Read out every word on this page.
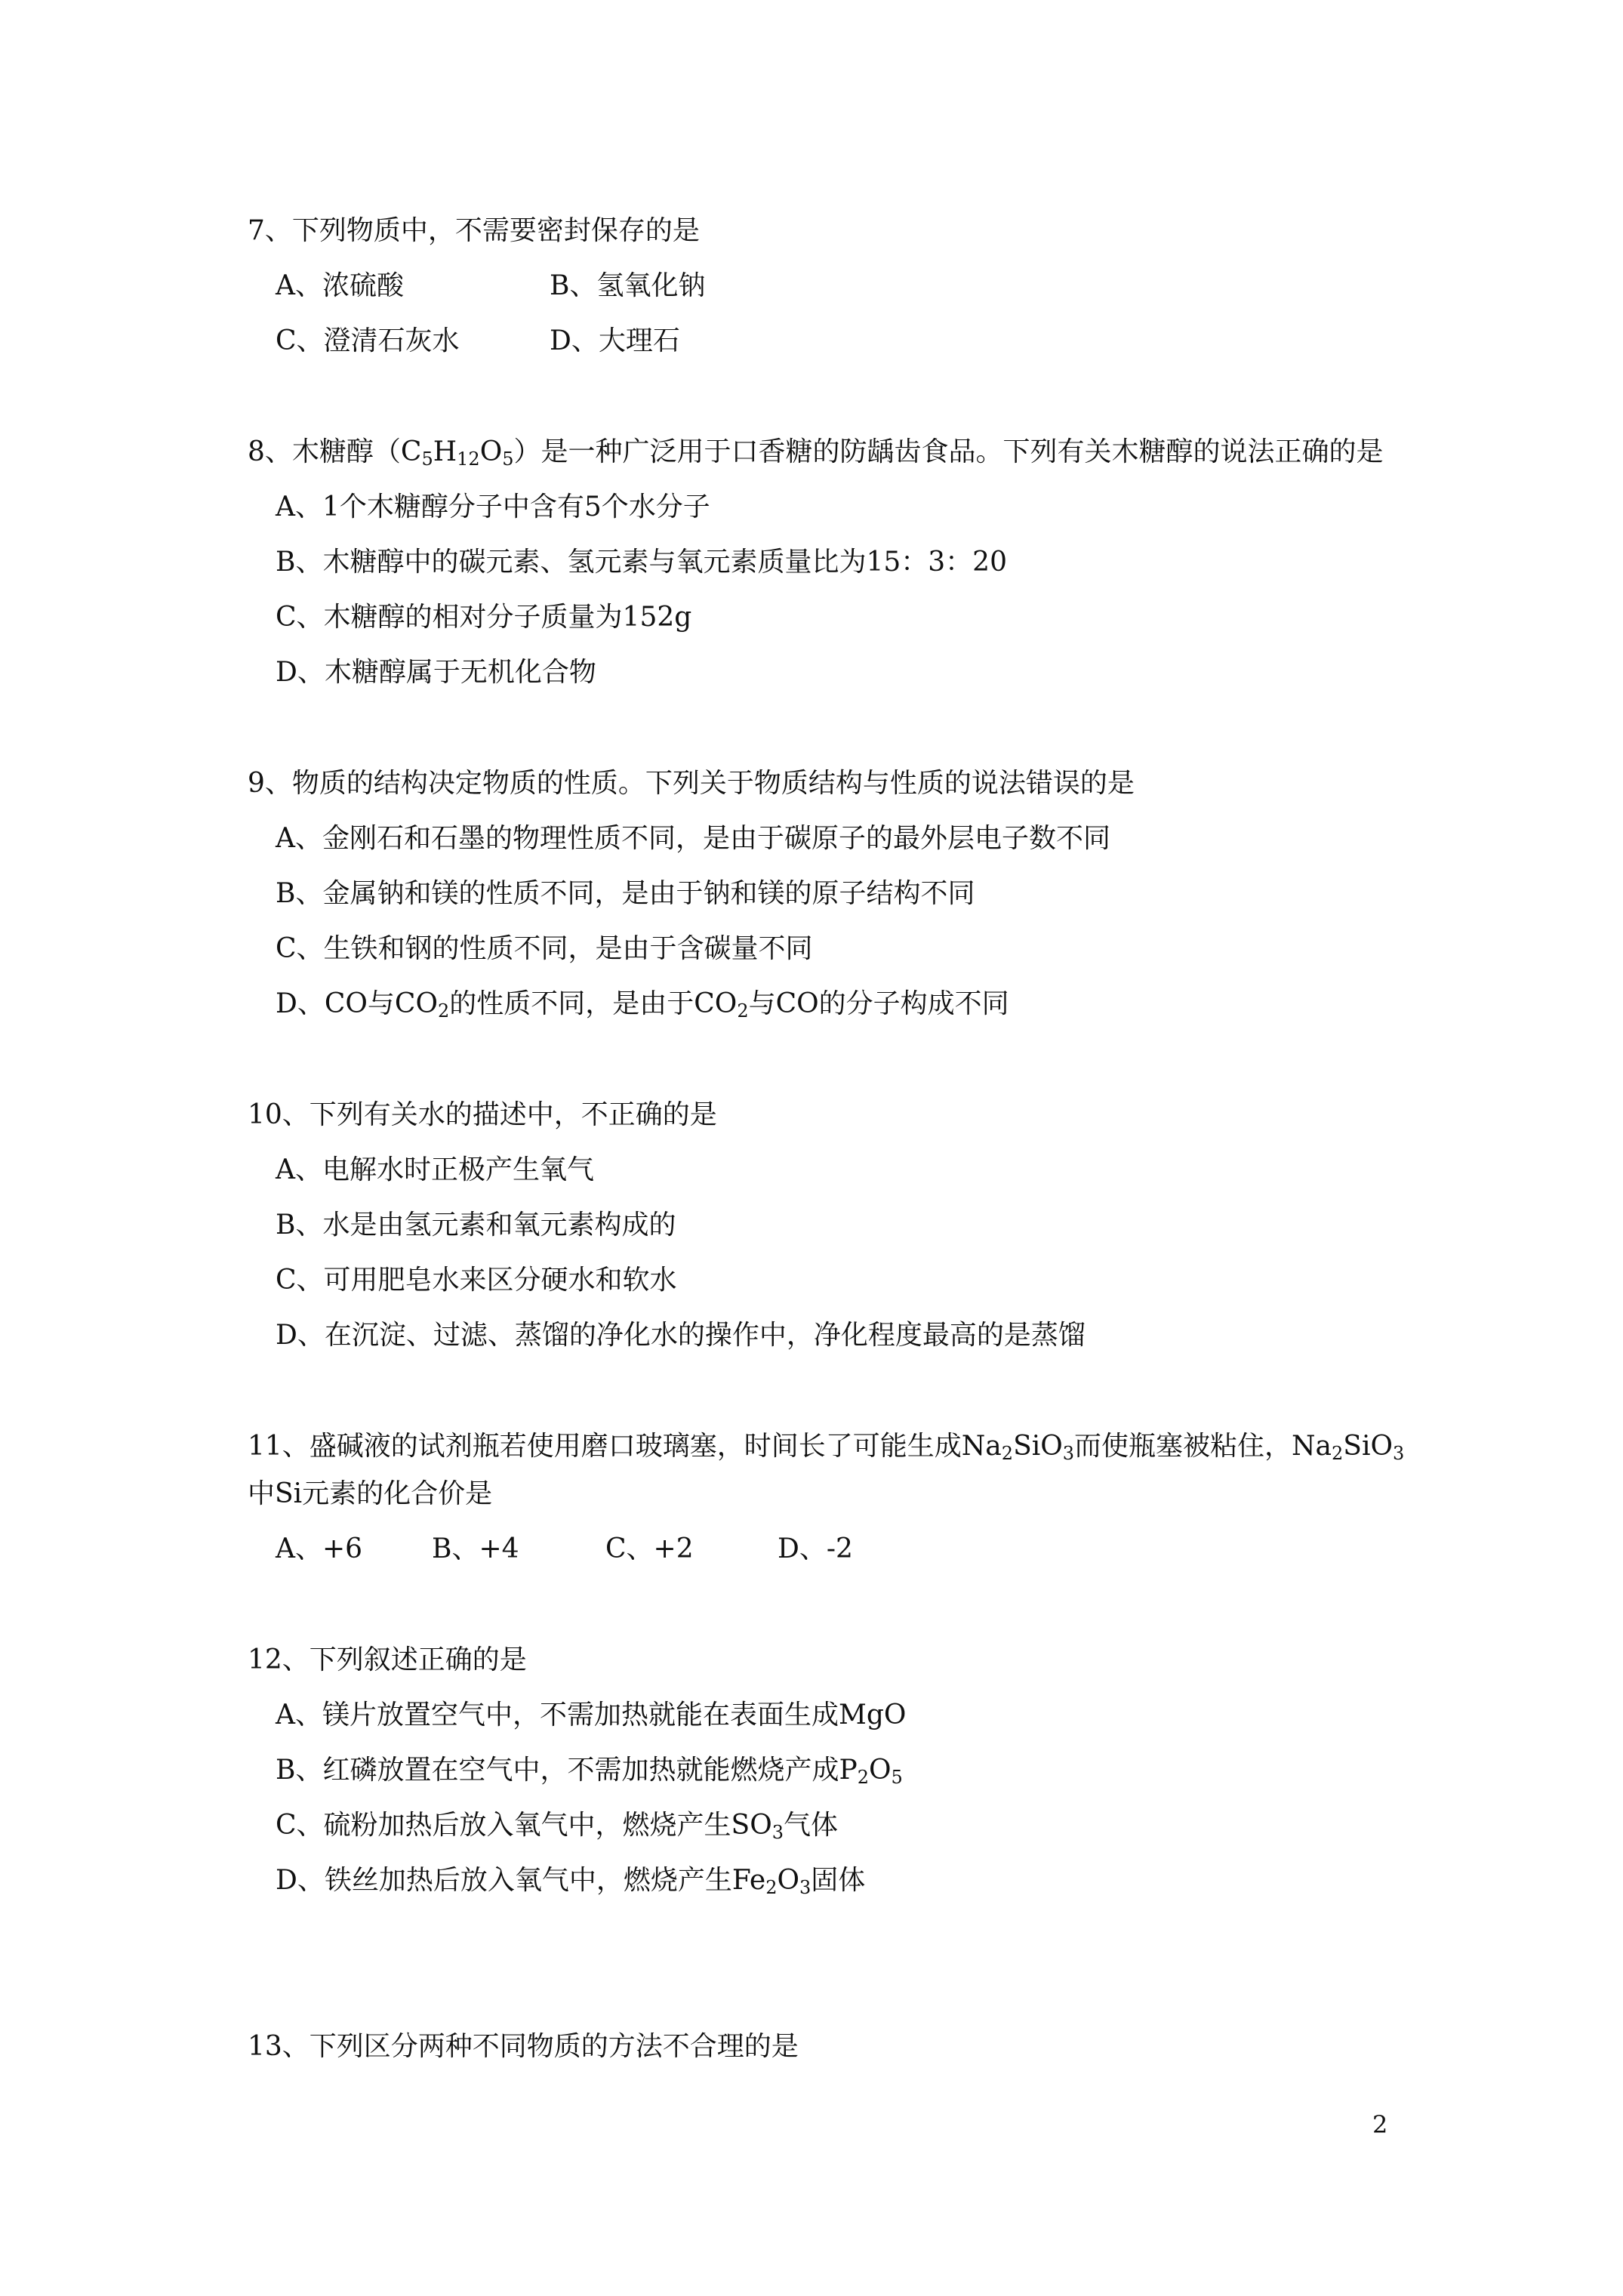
7、下列物质中，不需要密封保存的是
A、浓硫酸	B、氢氧化钠
C、澄清石灰水	D、大理石
8、木糖醇$(C_5H_{12}O_5)$是一种广泛用于口香糖的防龋齿食品。下列有关木糖醇的说法正确的是
A、1个木糖醇分子中含有5个水分子
B、木糖醇中的碳元素、氢元素与氧元素质量比为15：3：20
C、木糖醇的相对分子质量为152g
D、木糖醇属于无机化合物
9、物质的结构决定物质的性质。下列关于物质结构与性质的说法错误的是
A、金刚石和石墨的物理性质不同，是由于碳原子的最外层电子数不同
B、金属钠和镁的性质不同，是由于钠和镁的原子结构不同
C、生铁和钢的性质不同，是由于含碳量不同
D、CO与$CO_2$的性质不同，是由于$CO_2$与CO的分子构成不同
10、下列有关水的描述中，不正确的是
A、电解水时正极产生氧气
B、水是由氢元素和氧元素构成的
C、可用肥皂水来区分硬水和软水
D、在沉淀、过滤、蒸馏的净化水的操作中，净化程度最高的是蒸馏
11、盛碱液的试剂瓶若使用磨口玻璃塞，时间长了可能生成$Na_2SiO_3$而使瓶塞被粘住，$Na_2SiO_3$
中Si元素的化合价是
A、+6	B、+4	C、+2	D、-2
12、下列叙述正确的是
A、镁片放置空气中，不需加热就能在表面生成MgO
B、红磷放置在空气中，不需加热就能燃烧产成$P_2O_5$
C、硫粉加热后放入氧气中，燃烧产生$SO_3$气体
D、铁丝加热后放入氧气中，燃烧产生$Fe_2O_3$固体
13、下列区分两种不同物质的方法不合理的是
2
